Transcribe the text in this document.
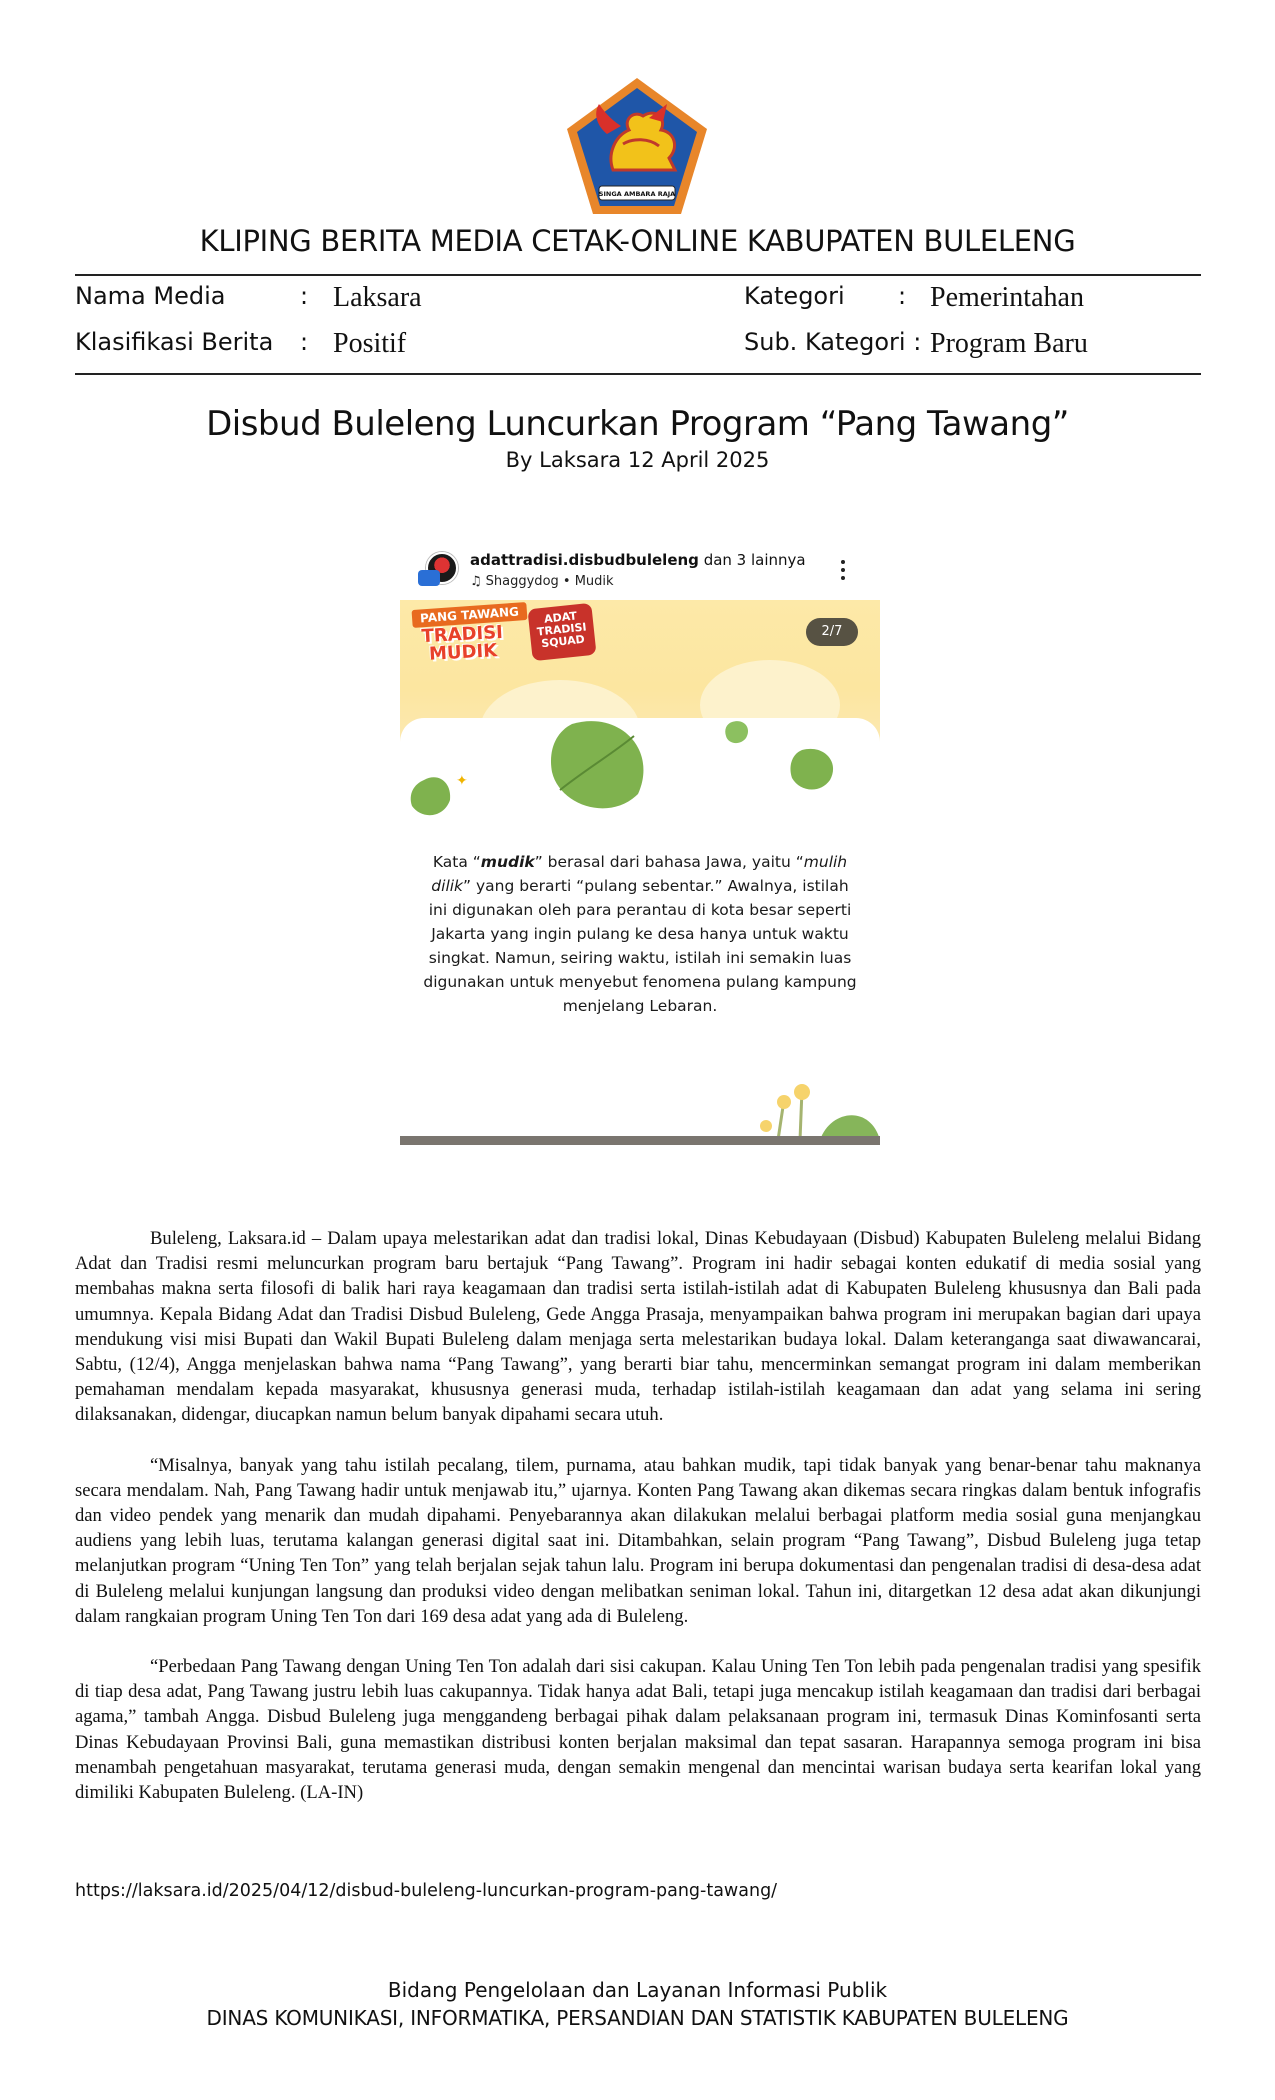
SINGA AMBARA RAJA
KLIPING BERITA MEDIA CETAK-ONLINE KABUPATEN BULELENG
Nama Media	: Laksara	Kategori : Pemerintahan
Klasifikasi Berita : Positif	Sub. Kategori : Program Baru
Disbud Buleleng Luncurkan Program “Pang Tawang”
By Laksara 12 April 2025
adattradisi.disbudbuleleng dan 3 lainnya
♫ Shaggydog • Mudik
PANG TAWANG
TRADISI
MUDIK
ADAT TRADISI SQUAD
2/7
✦
Kata “mudik” berasal dari bahasa Jawa, yaitu “mulih dilik” yang berarti “pulang sebentar.” Awalnya, istilah ini digunakan oleh para perantau di kota besar seperti Jakarta yang ingin pulang ke desa hanya untuk waktu singkat. Namun, seiring waktu, istilah ini semakin luas digunakan untuk menyebut fenomena pulang kampung menjelang Lebaran.

Buleleng, Laksara.id – Dalam upaya melestarikan adat dan tradisi lokal, Dinas Kebudayaan (Disbud) Kabupaten Buleleng melalui Bidang Adat dan Tradisi resmi meluncurkan program baru bertajuk “Pang Tawang”. Program ini hadir sebagai konten edukatif di media sosial yang membahas makna serta filosofi di balik hari raya keagamaan dan tradisi serta istilah-istilah adat di Kabupaten Buleleng khususnya dan Bali pada umumnya. Kepala Bidang Adat dan Tradisi Disbud Buleleng, Gede Angga Prasaja, menyampaikan bahwa program ini merupakan bagian dari upaya mendukung visi misi Bupati dan Wakil Bupati Buleleng dalam menjaga serta melestarikan budaya lokal. Dalam keteranganga saat diwawancarai, Sabtu, (12/4), Angga menjelaskan bahwa nama “Pang Tawang”, yang berarti biar tahu, mencerminkan semangat program ini dalam memberikan pemahaman mendalam kepada masyarakat, khususnya generasi muda, terhadap istilah-istilah keagamaan dan adat yang selama ini sering dilaksanakan, didengar, diucapkan namun belum banyak dipahami secara utuh.

“Misalnya, banyak yang tahu istilah pecalang, tilem, purnama, atau bahkan mudik, tapi tidak banyak yang benar-benar tahu maknanya secara mendalam. Nah, Pang Tawang hadir untuk menjawab itu,” ujarnya. Konten Pang Tawang akan dikemas secara ringkas dalam bentuk infografis dan video pendek yang menarik dan mudah dipahami. Penyebarannya akan dilakukan melalui berbagai platform media sosial guna menjangkau audiens yang lebih luas, terutama kalangan generasi digital saat ini. Ditambahkan, selain program “Pang Tawang”, Disbud Buleleng juga tetap melanjutkan program “Uning Ten Ton” yang telah berjalan sejak tahun lalu. Program ini berupa dokumentasi dan pengenalan tradisi di desa-desa adat di Buleleng melalui kunjungan langsung dan produksi video dengan melibatkan seniman lokal. Tahun ini, ditargetkan 12 desa adat akan dikunjungi dalam rangkaian program Uning Ten Ton dari 169 desa adat yang ada di Buleleng.

“Perbedaan Pang Tawang dengan Uning Ten Ton adalah dari sisi cakupan. Kalau Uning Ten Ton lebih pada pengenalan tradisi yang spesifik di tiap desa adat, Pang Tawang justru lebih luas cakupannya. Tidak hanya adat Bali, tetapi juga mencakup istilah keagamaan dan tradisi dari berbagai agama,” tambah Angga. Disbud Buleleng juga menggandeng berbagai pihak dalam pelaksanaan program ini, termasuk Dinas Kominfosanti serta Dinas Kebudayaan Provinsi Bali, guna memastikan distribusi konten berjalan maksimal dan tepat sasaran. Harapannya semoga program ini bisa menambah pengetahuan masyarakat, terutama generasi muda, dengan semakin mengenal dan mencintai warisan budaya serta kearifan lokal yang dimiliki Kabupaten Buleleng. (LA-IN)

https://laksara.id/2025/04/12/disbud-buleleng-luncurkan-program-pang-tawang/
Bidang Pengelolaan dan Layanan Informasi Publik
DINAS KOMUNIKASI, INFORMATIKA, PERSANDIAN DAN STATISTIK KABUPATEN BULELENG
